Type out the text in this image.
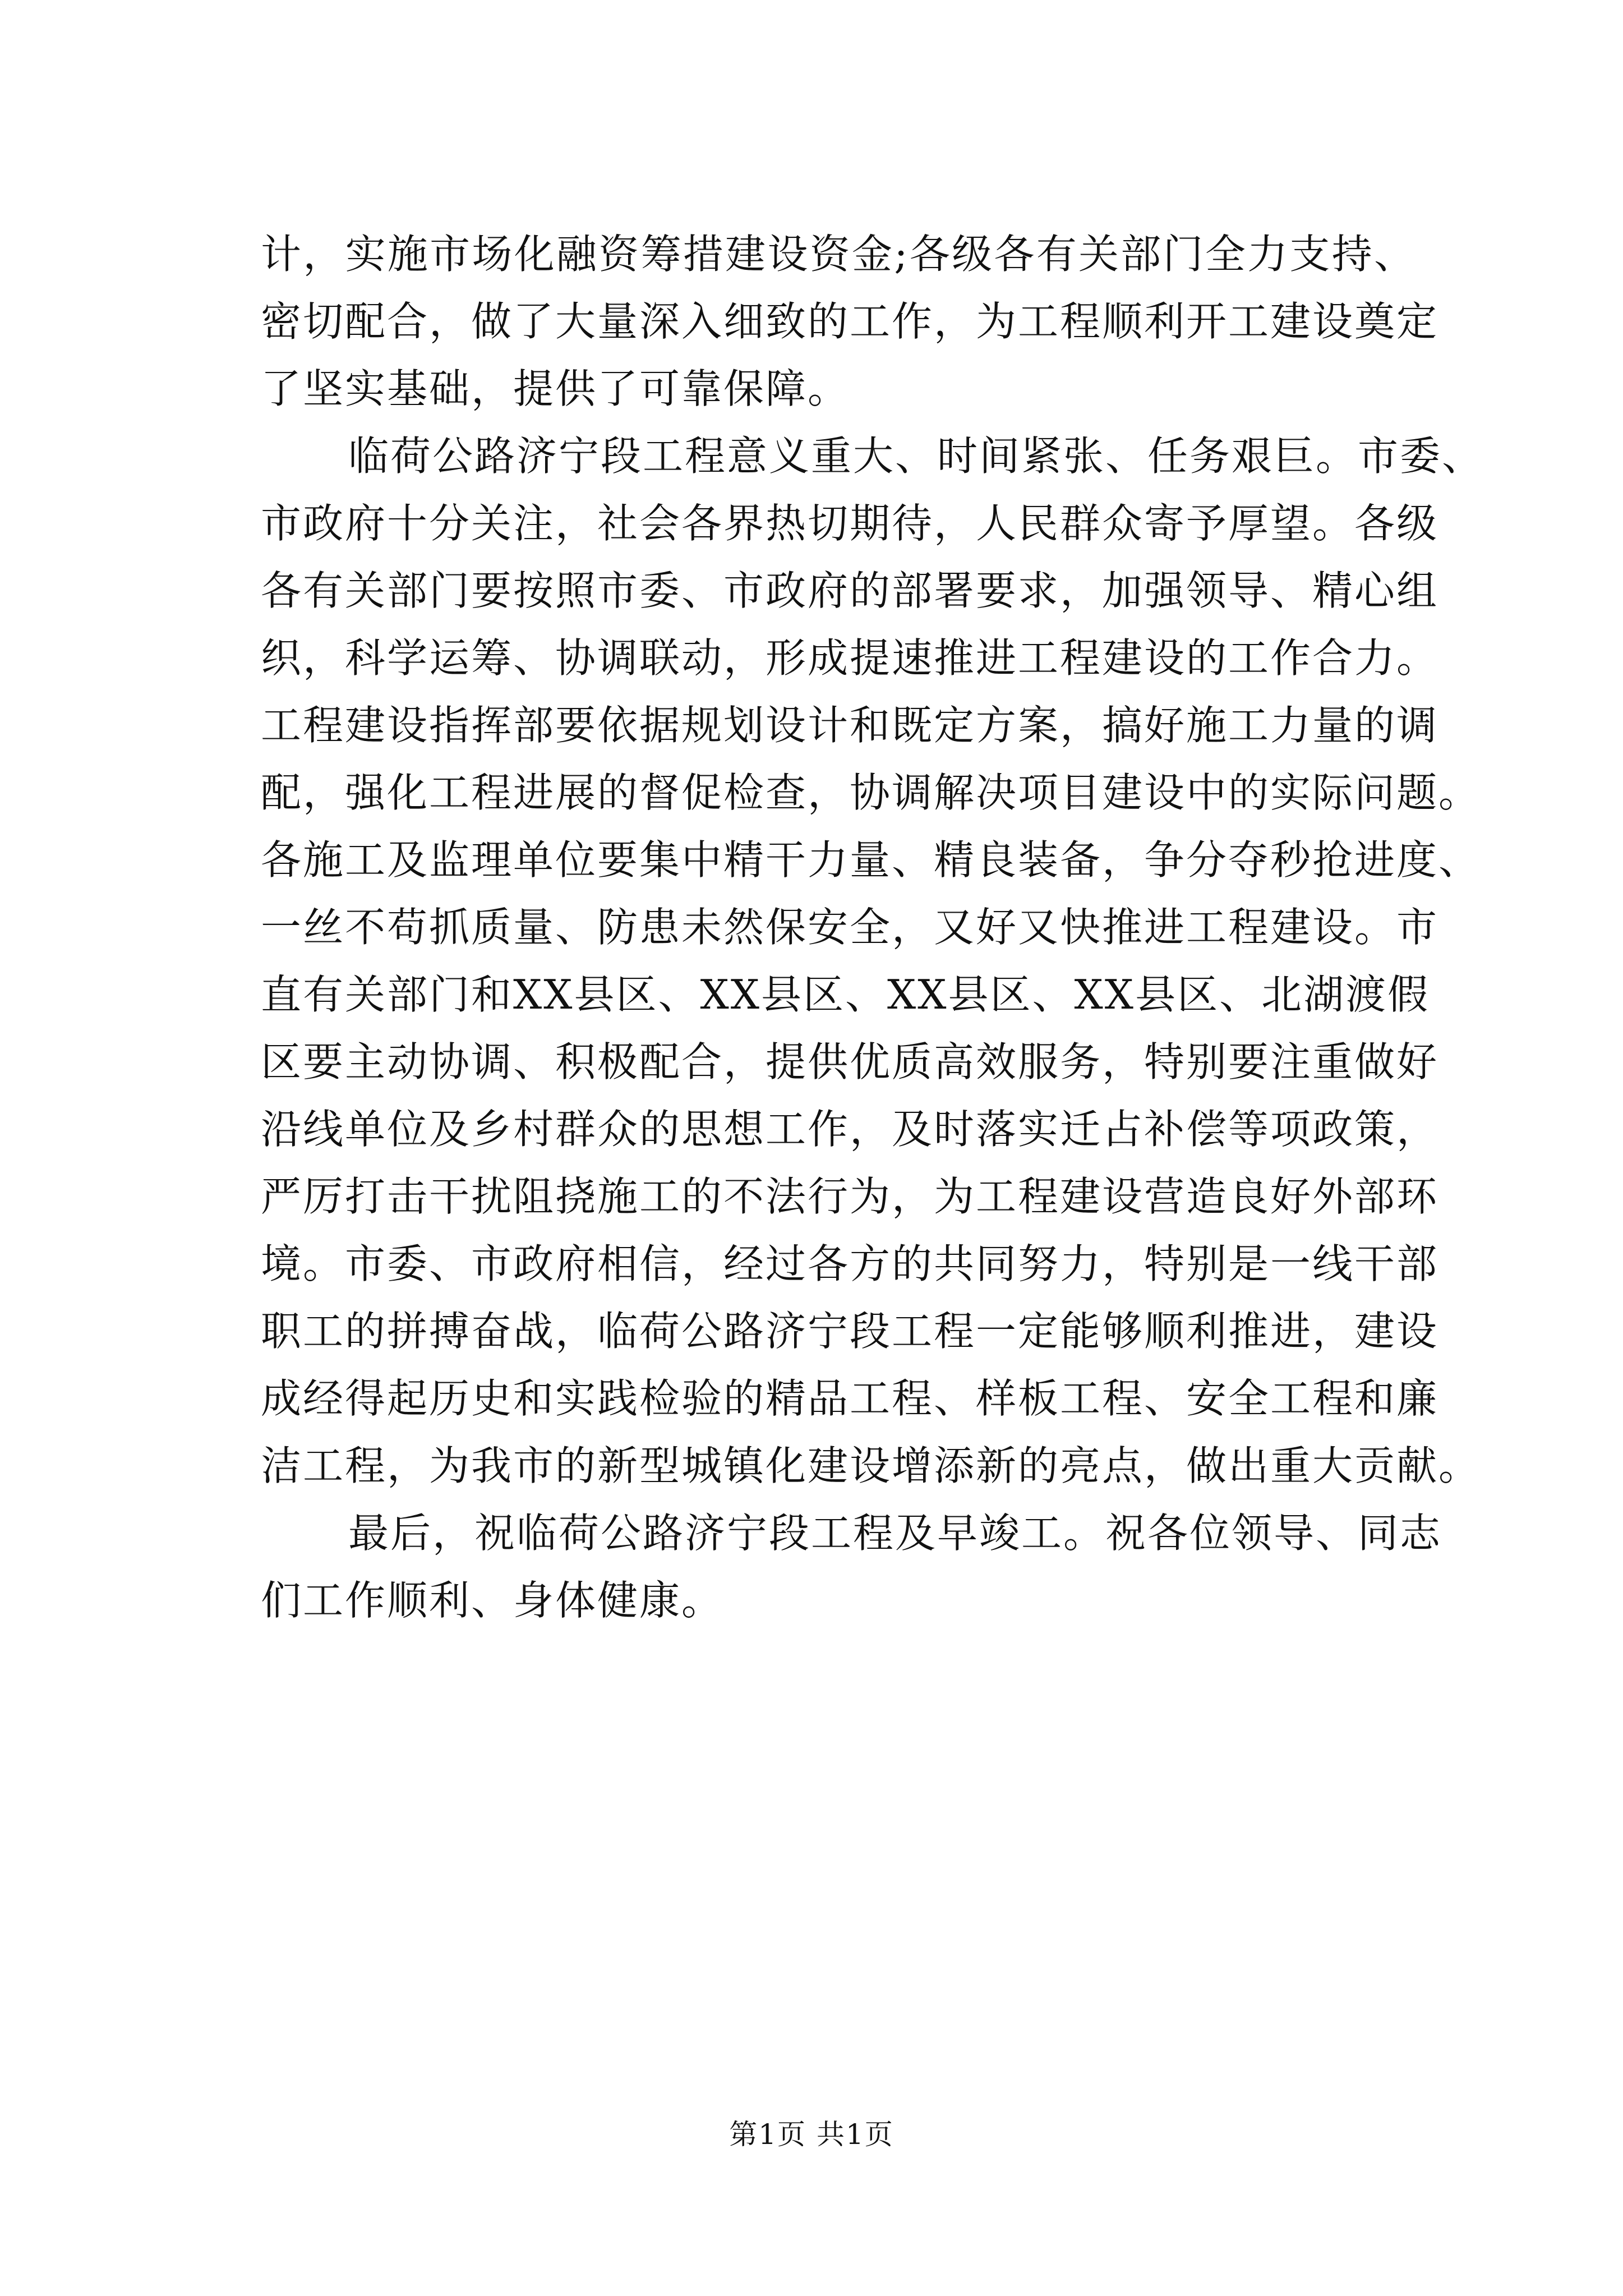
计，实施市场化融资筹措建设资金;各级各有关部门全力支持、
密切配合，做了大量深入细致的工作，为工程顺利开工建设奠定
了坚实基础，提供了可靠保障。
临荷公路济宁段工程意义重大、时间紧张、任务艰巨。市委、
市政府十分关注，社会各界热切期待，人民群众寄予厚望。各级
各有关部门要按照市委、市政府的部署要求，加强领导、精心组
织，科学运筹、协调联动，形成提速推进工程建设的工作合力。
工程建设指挥部要依据规划设计和既定方案，搞好施工力量的调
配，强化工程进展的督促检查，协调解决项目建设中的实际问题。
各施工及监理单位要集中精干力量、精良装备，争分夺秒抢进度、
一丝不苟抓质量、防患未然保安全，又好又快推进工程建设。市
直有关部门和XX县区、XX县区、XX县区、XX县区、北湖渡假
区要主动协调、积极配合，提供优质高效服务，特别要注重做好
沿线单位及乡村群众的思想工作，及时落实迁占补偿等项政策，
严厉打击干扰阻挠施工的不法行为，为工程建设营造良好外部环
境。市委、市政府相信，经过各方的共同努力，特别是一线干部
职工的拼搏奋战，临荷公路济宁段工程一定能够顺利推进，建设
成经得起历史和实践检验的精品工程、样板工程、安全工程和廉
洁工程，为我市的新型城镇化建设增添新的亮点，做出重大贡献。
最后，祝临荷公路济宁段工程及早竣工。祝各位领导、同志
们工作顺利、身体健康。
第1页 共1页
